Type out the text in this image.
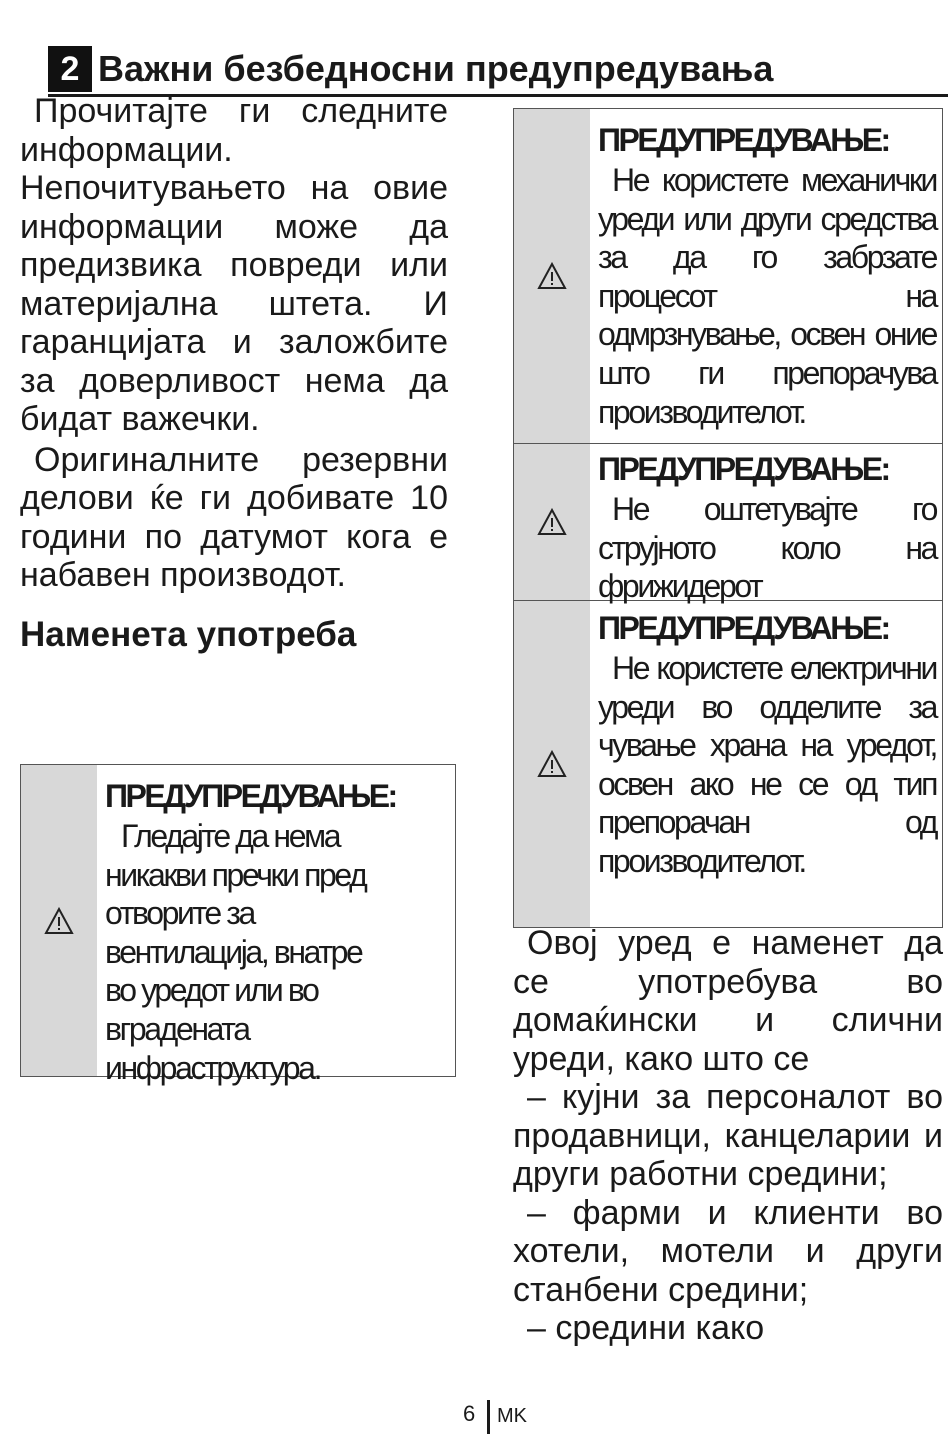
2 Важни безбедносни предупредувања

Прочитајте ги следните информации. Непочитувањето на овие информации може да предизвика повреди или материјална штета. И гаранцијата и заложбите за доверливост нема да бидат важечки.

Оригиналните резервни делови ќе ги добивате 10 години по датумот кога е набавен производот.

Наменета употреба
ПРЕДУПРЕДУВАЊЕ:

Гледајте да нема никакви пречки пред отворите за вентилација, внатре во уредот или во вградената инфраструктура.

ПРЕДУПРЕДУВАЊЕ:

Не користете механички уреди или други средства за да го забрзате процесот на одмрзнување, освен оние што ги препорачува производителот.

ПРЕДУПРЕДУВАЊЕ:

Не оштетувајте го струјното коло на фрижидерот

ПРЕДУПРЕДУВАЊЕ:

Не користете електрични уреди во одделите за чување храна на уредот, освен ако не се од тип препорачан од производителот.

Овој уред е наменет да се употребува во домаќински и слични уреди, како што се

– кујни за персоналот во продавници, канцеларии и други работни средини;

– фарми и клиенти во хотели, мотели и други станбени средини;

– средини како

6 MK
